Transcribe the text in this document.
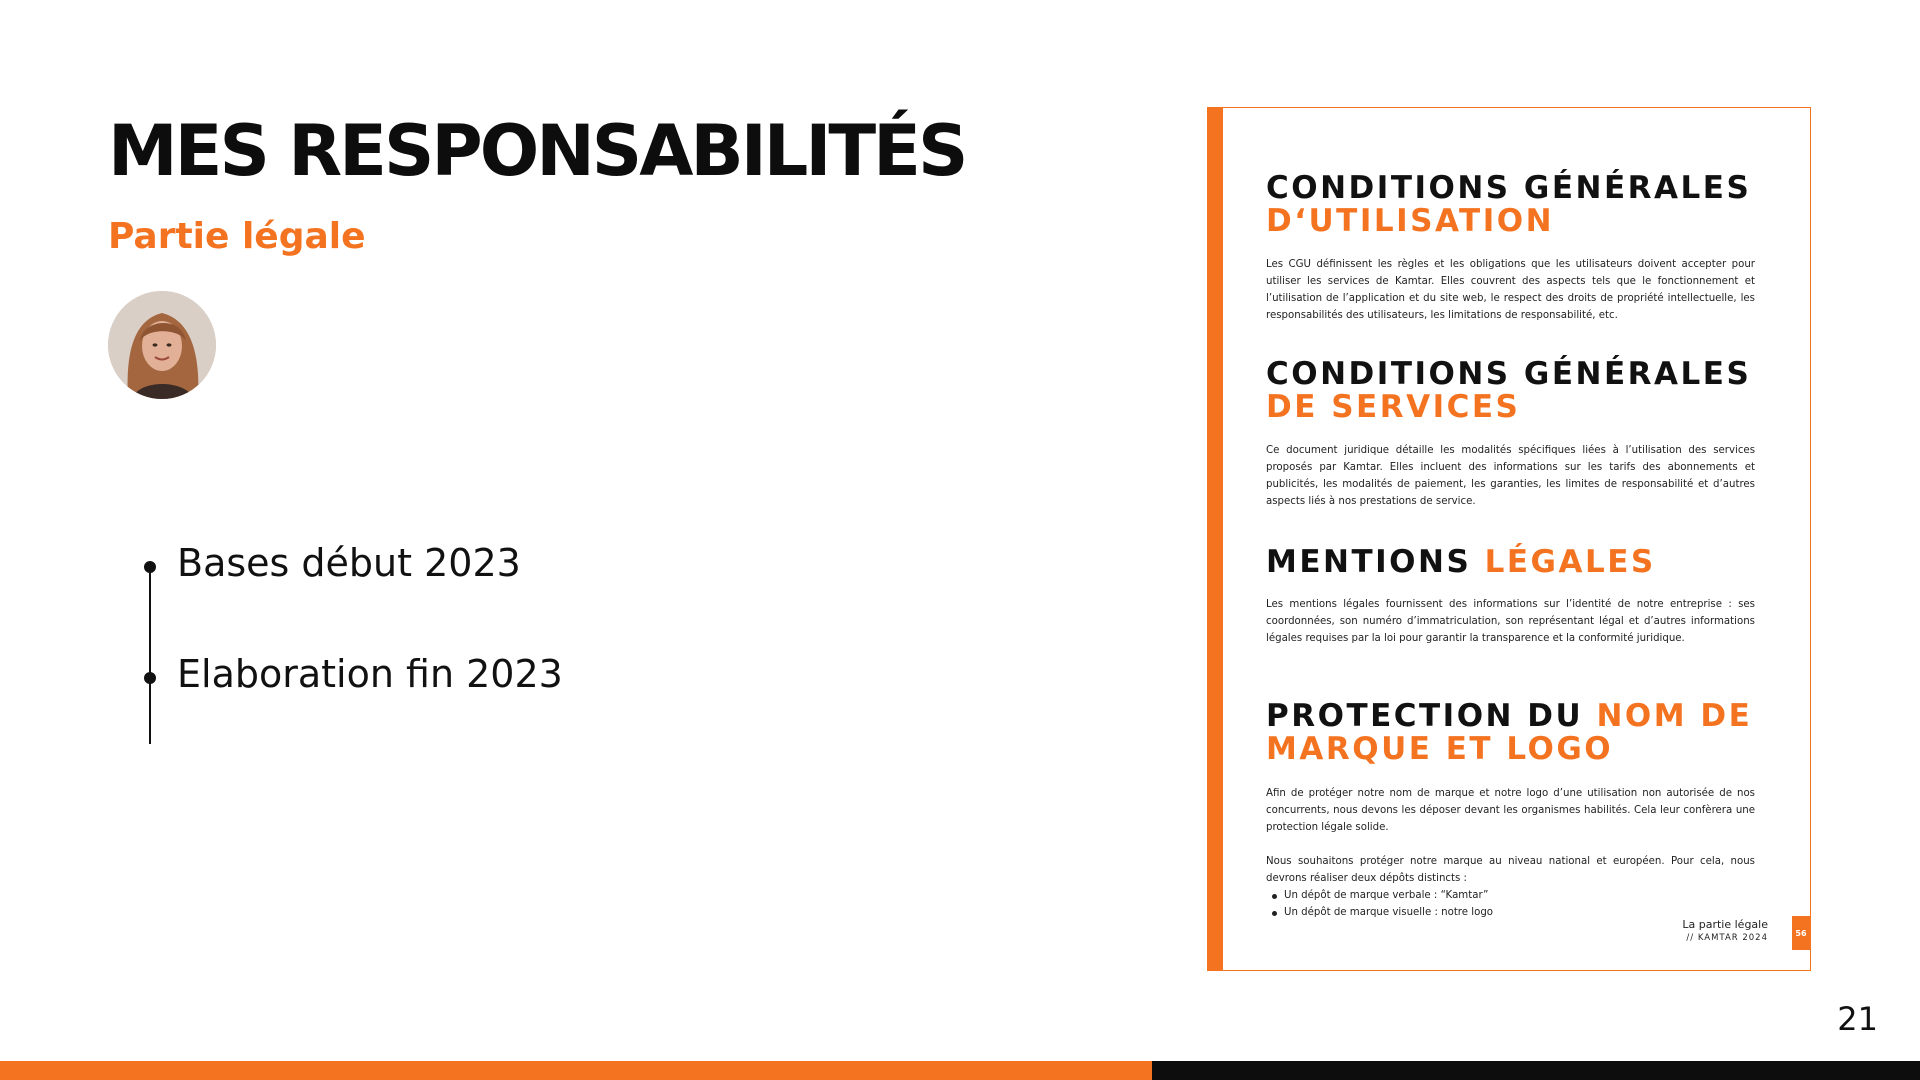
MES RESPONSABILITÉS
Partie légale
Bases début 2023
Elaboration fin 2023
CONDITIONS GÉNÉRALES
D‘UTILISATION

Les CGU définissent les règles et les obligations que les utilisateurs doivent accepter pour utiliser les services de Kamtar. Elles couvrent des aspects tels que le fonctionnement et l’utilisation de l’application et du site web, le respect des droits de propriété intellectuelle, les responsabilités des utilisateurs, les limitations de responsabilité, etc.

CONDITIONS GÉNÉRALES
DE SERVICES

Ce document juridique détaille les modalités spécifiques liées à l’utilisation des services proposés par Kamtar. Elles incluent des informations sur les tarifs des abonnements et publicités, les modalités de paiement, les garanties, les limites de responsabilité et d’autres aspects liés à nos prestations de service.

MENTIONS LÉGALES

Les mentions légales fournissent des informations sur l’identité de notre entreprise : ses coordonnées, son numéro d’immatriculation, son représentant légal et d’autres informations légales requises par la loi pour garantir la transparence et la conformité juridique.

PROTECTION DU NOM DE
MARQUE ET LOGO

Afin de protéger notre nom de marque et notre logo d’une utilisation non autorisée de nos concurrents, nous devons les déposer devant les organismes habilités. Cela leur confèrera une protection légale solide.

Nous souhaitons protéger notre marque au niveau national et européen. Pour cela, nous devrons réaliser deux dépôts distincts :

Un dépôt de marque verbale : “Kamtar”
Un dépôt de marque visuelle : notre logo
La partie légale
// KAMTAR 2024	56
21
